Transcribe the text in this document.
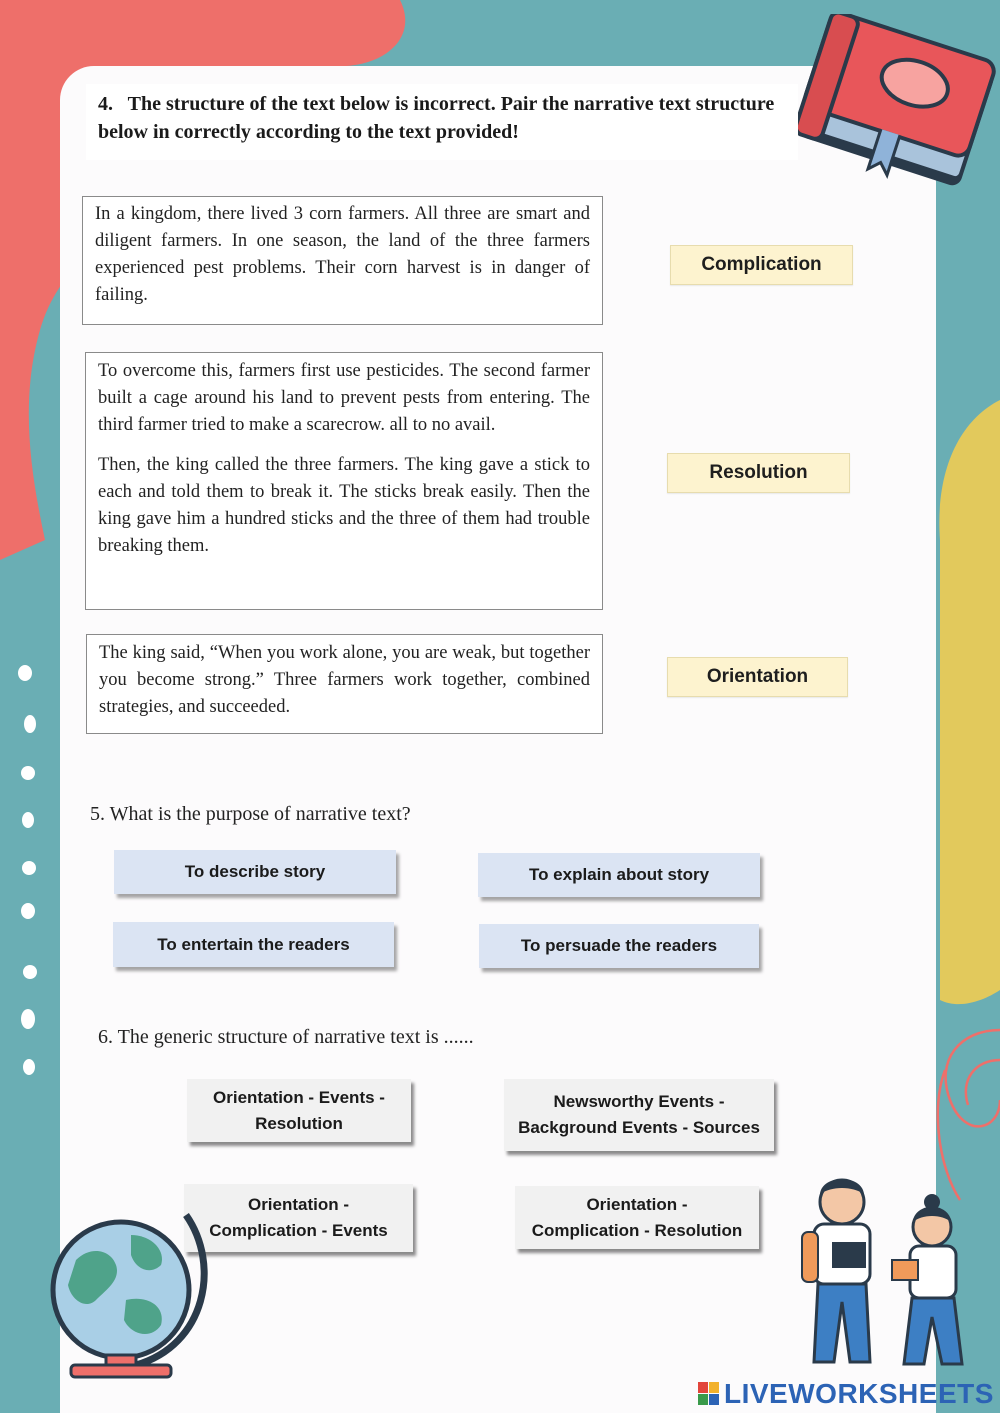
4. The structure of the text below is incorrect. Pair the narrative text structure below in correctly according to the text provided!

In a kingdom, there lived 3 corn farmers. All three are smart and diligent farmers. In one season, the land of the three farmers experienced pest problems. Their corn harvest is in danger of failing.

To overcome this, farmers first use pesticides. The second farmer built a cage around his land to prevent pests from entering. The third farmer tried to make a scarecrow. all to no avail.

Then, the king called the three farmers. The king gave a stick to each and told them to break it. The sticks break easily. Then the king gave him a hundred sticks and the three of them had trouble breaking them.

The king said, “When you work alone, you are weak, but together you become strong.” Three farmers work together, combined strategies, and succeeded.

Complication
Resolution
Orientation
5. What is the purpose of narrative text?
To describe story	To explain about story
To entertain the readers	To persuade the readers
6. The generic structure of narrative text is ......
Orientation - Events -
Resolution
Newsworthy Events -
Background Events - Sources
Orientation -
Complication - Events
Orientation -
Complication - Resolution
LIVEWORKSHEETS
